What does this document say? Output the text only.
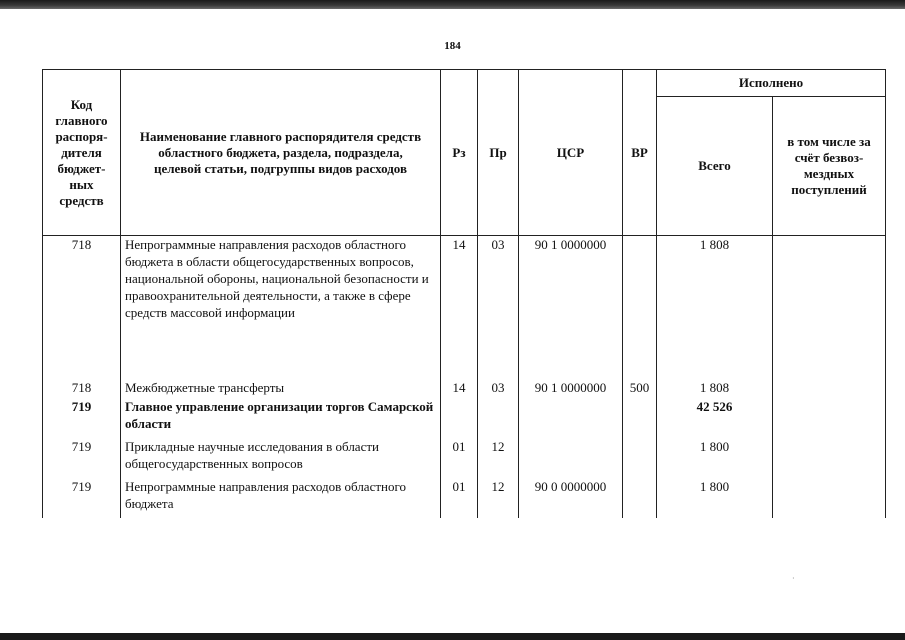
184
Код главного распоря-дителя бюджет-ных средств	Наименование главного распорядителя средств областного бюджета, раздела, подраздела, целевой статьи, подгруппы видов расходов	Рз	Пр	ЦСР	ВР	Исполнено	
						Всего	в том числе за счёт безвоз-мездных поступлений
718	Непрограммные направления расходов областного бюджета в области общегосударственных вопросов, национальной обороны, национальной безопасности и правоохранительной деятельности, а также в сфере средств массовой информации	14	03	90 1 0000000		1 808	
718	Межбюджетные трансферты	14	03	90 1 0000000	500	1 808	
719	Главное управление организации торгов Самарской области					42 526	
719	Прикладные научные исследования в области общегосударственных вопросов	01	12			1 800	
719	Непрограммные направления расходов областного бюджета	01	12	90 0 0000000		1 800	
·
